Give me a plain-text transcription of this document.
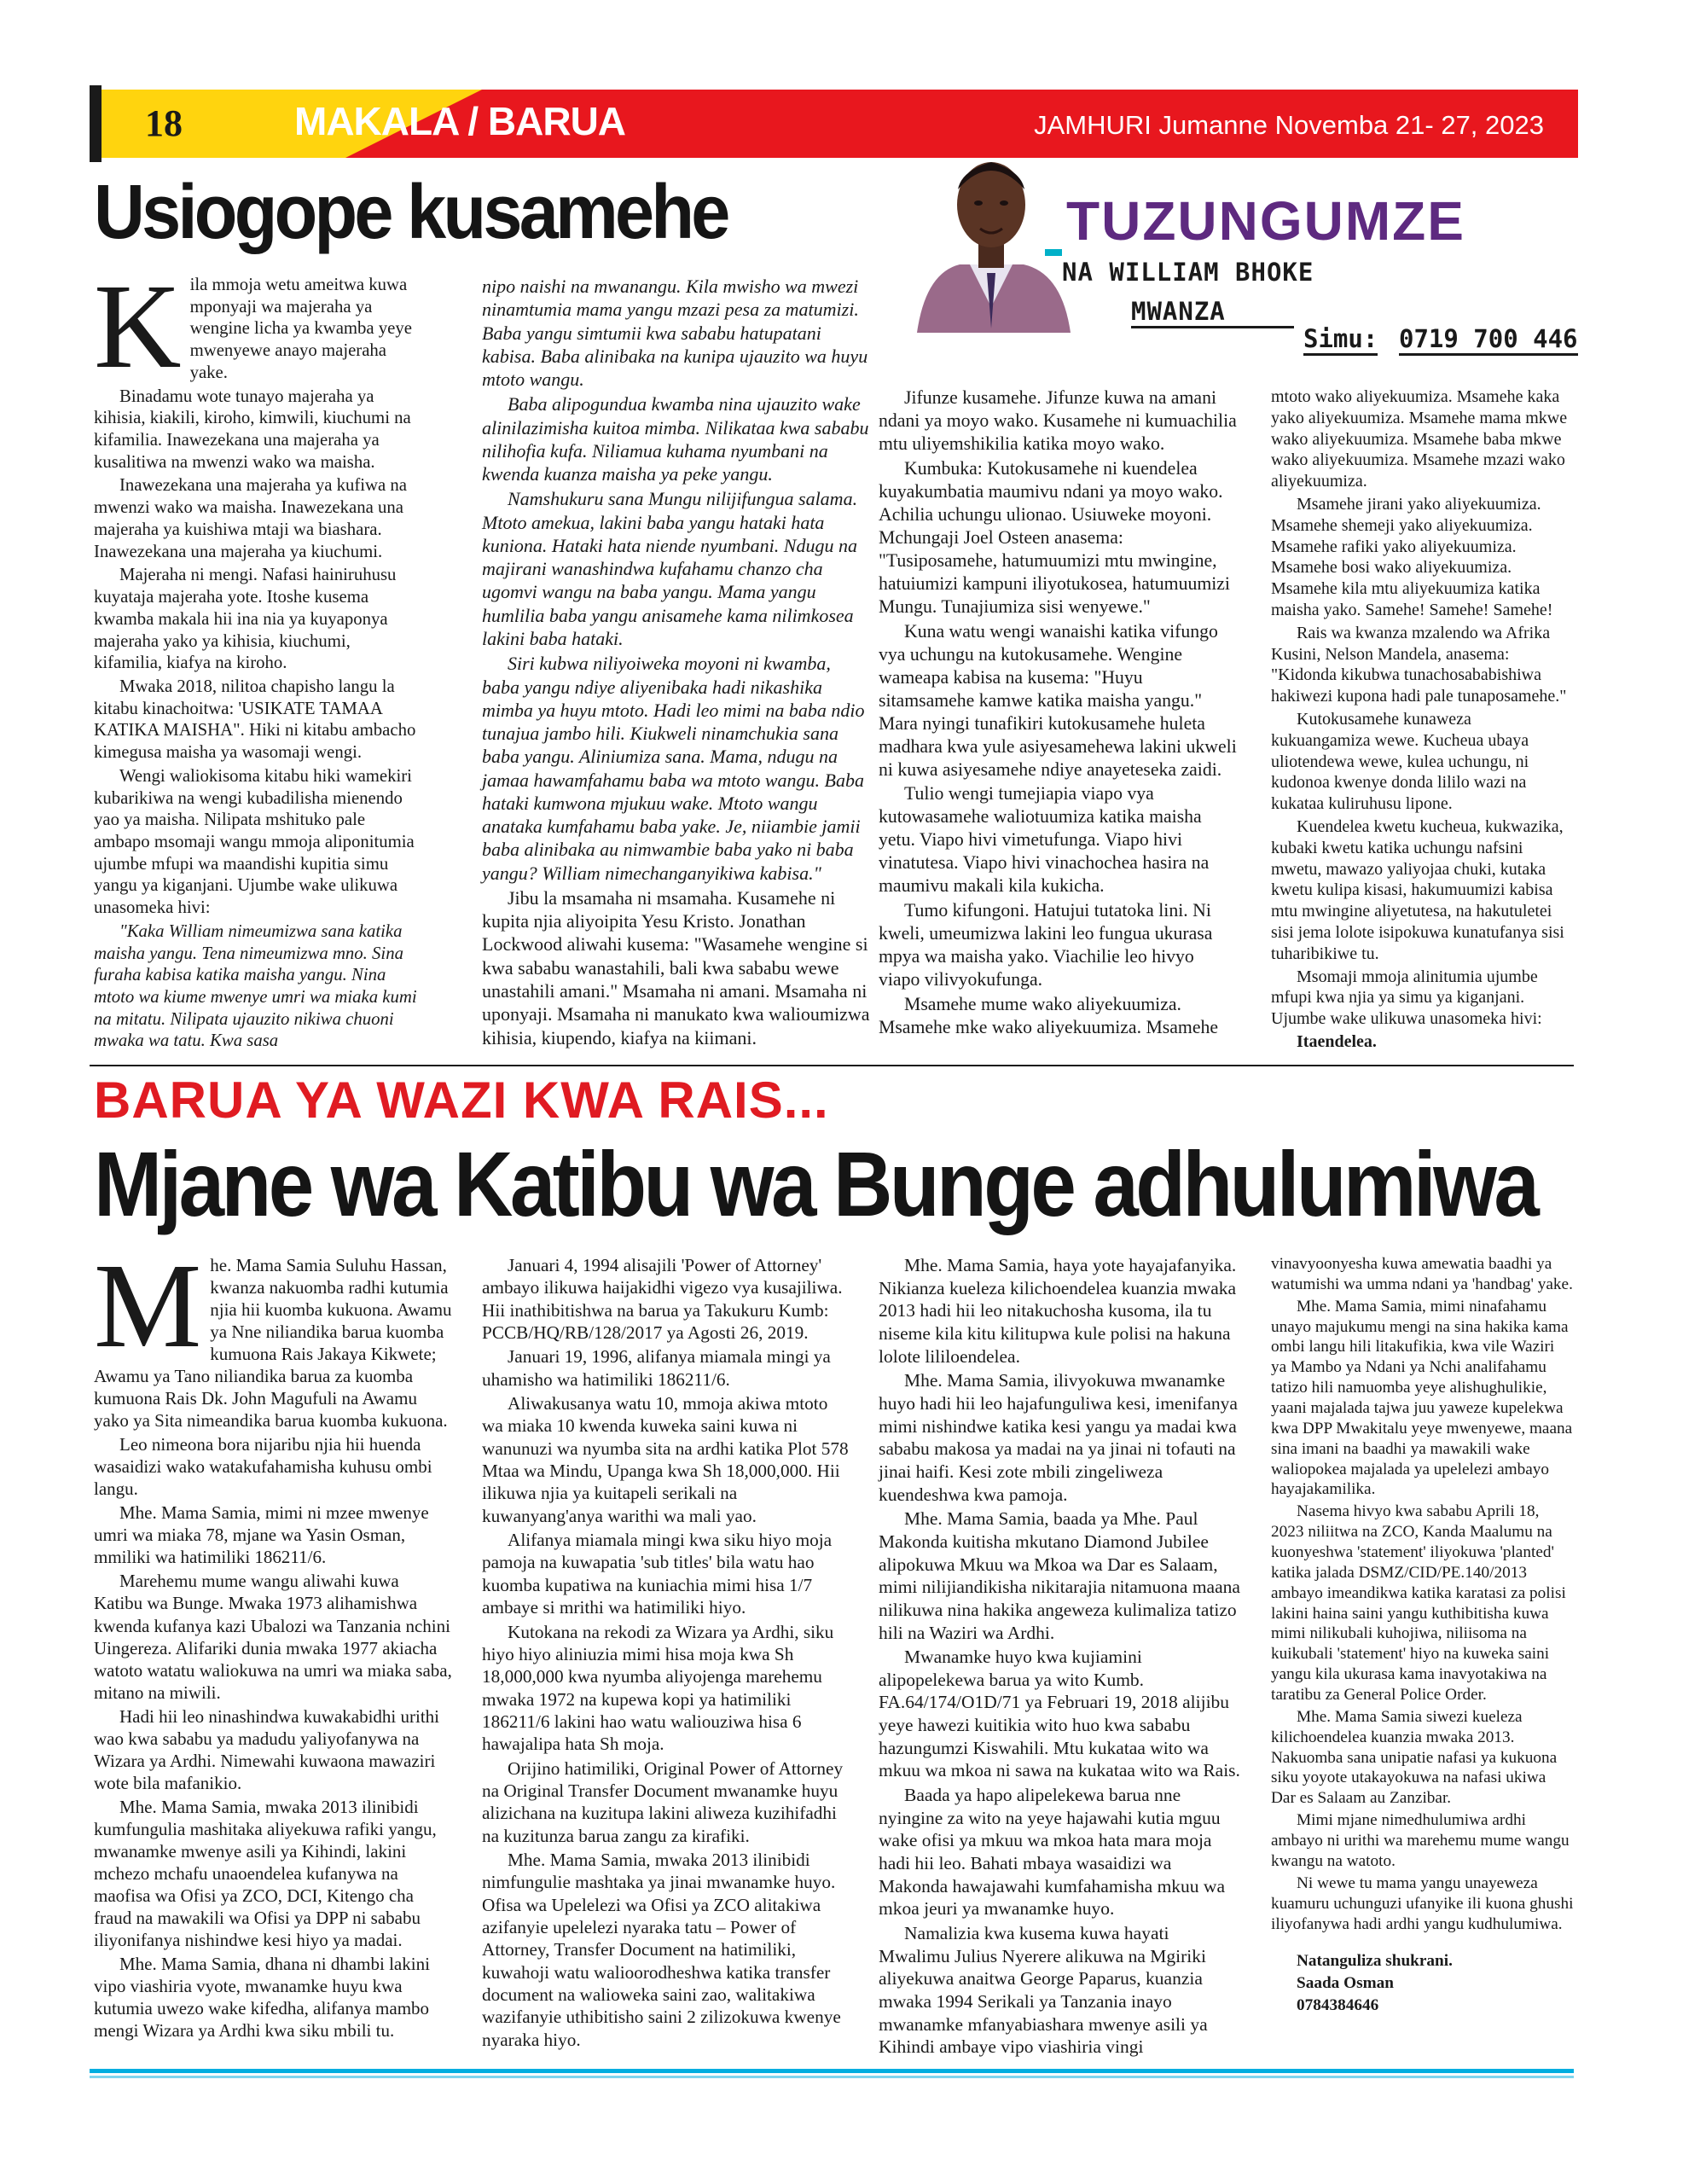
18	MAKALA / BARUA	JAMHURI Jumanne Novemba 21- 27, 2023
Usiogope kusamehe	TUZUNGUMZE
NA WILLIAM BHOKE
MWANZA
Simu: 0719 700 446
K ila mmoja wetu ameitwa kuwa mponyaji wa majeraha ya wengine licha ya kwamba yeye mwenyewe anayo majeraha yake.

Binadamu wote tunayo majeraha ya kihisia, kiakili, kiroho, kimwili, kiuchumi na kifamilia. Inawezekana una majeraha ya kusalitiwa na mwenzi wako wa maisha.

Inawezekana una majeraha ya kufiwa na mwenzi wako wa maisha. Inawezekana una majeraha ya kuishiwa mtaji wa biashara. Inawezekana una majeraha ya kiuchumi.

Majeraha ni mengi. Nafasi hainiruhusu kuyataja majeraha yote. Itoshe kusema kwamba makala hii ina nia ya kuyaponya majeraha yako ya kihisia, kiuchumi, kifamilia, kiafya na kiroho.

Mwaka 2018, nilitoa chapisho langu la kitabu kinachoitwa: 'USIKATE TAMAA KATIKA MAISHA". Hiki ni kitabu ambacho kimegusa maisha ya wasomaji wengi.

Wengi waliokisoma kitabu hiki wamekiri kubarikiwa na wengi kubadilisha mienendo yao ya maisha. Nilipata mshituko pale ambapo msomaji wangu mmoja aliponitumia ujumbe mfupi wa maandishi kupitia simu yangu ya kiganjani. Ujumbe wake ulikuwa unasomeka hivi:

"Kaka William nimeumizwa sana katika maisha yangu. Tena nimeumizwa mno. Sina furaha kabisa katika maisha yangu. Nina mtoto wa kiume mwenye umri wa miaka kumi na mitatu. Nilipata ujauzito nikiwa chuoni mwaka wa tatu. Kwa sasa

nipo naishi na mwanangu. Kila mwisho wa mwezi ninamtumia mama yangu mzazi pesa za matumizi. Baba yangu simtumii kwa sababu hatupatani kabisa. Baba alinibaka na kunipa ujauzito wa huyu mtoto wangu.

Baba alipogundua kwamba nina ujauzito wake alinilazimisha kuitoa mimba. Nilikataa kwa sababu nilihofia kufa. Niliamua kuhama nyumbani na kwenda kuanza maisha ya peke yangu.

Namshukuru sana Mungu nilijifungua salama. Mtoto amekua, lakini baba yangu hataki hata kuniona. Hataki hata niende nyumbani. Ndugu na majirani wanashindwa kufahamu chanzo cha ugomvi wangu na baba yangu. Mama yangu humlilia baba yangu anisamehe kama nilimkosea lakini baba hataki.

Siri kubwa niliyoiweka moyoni ni kwamba, baba yangu ndiye aliyenibaka hadi nikashika mimba ya huyu mtoto. Hadi leo mimi na baba ndio tunajua jambo hili. Kiukweli ninamchukia sana baba yangu. Aliniumiza sana. Mama, ndugu na jamaa hawamfahamu baba wa mtoto wangu. Baba hataki kumwona mjukuu wake. Mtoto wangu anataka kumfahamu baba yake. Je, niiambie jamii baba alinibaka au nimwambie baba yako ni baba yangu? William nimechanganyikiwa kabisa."

Jibu la msamaha ni msamaha. Kusamehe ni kupita njia aliyoipita Yesu Kristo. Jonathan Lockwood aliwahi kusema: "Wasamehe wengine si kwa sababu wanastahili, bali kwa sababu wewe unastahili amani." Msamaha ni amani. Msamaha ni uponyaji. Msamaha ni manukato kwa walioumizwa kihisia, kiupendo, kiafya na kiimani.

Jifunze kusamehe. Jifunze kuwa na amani ndani ya moyo wako. Kusamehe ni kumuachilia mtu uliyemshikilia katika moyo wako.

Kumbuka: Kutokusamehe ni kuendelea kuyakumbatia maumivu ndani ya moyo wako. Achilia uchungu ulionao. Usiuweke moyoni. Mchungaji Joel Osteen anasema: "Tusiposamehe, hatumuumizi mtu mwingine, hatuiumizi kampuni iliyotukosea, hatumuumizi Mungu. Tunajiumiza sisi wenyewe."

Kuna watu wengi wanaishi katika vifungo vya uchungu na kutokusamehe. Wengine wameapa kabisa na kusema: "Huyu sitamsamehe kamwe katika maisha yangu." Mara nyingi tunafikiri kutokusamehe huleta madhara kwa yule asiyesamehewa lakini ukweli ni kuwa asiyesamehe ndiye anayeteseka zaidi.

Tulio wengi tumejiapia viapo vya kutowasamehe waliotuumiza katika maisha yetu. Viapo hivi vimetufunga. Viapo hivi vinatutesa. Viapo hivi vinachochea hasira na maumivu makali kila kukicha.

Tumo kifungoni. Hatujui tutatoka lini. Ni kweli, umeumizwa lakini leo fungua ukurasa mpya wa maisha yako. Viachilie leo hivyo viapo vilivyokufunga.

Msamehe mume wako aliyekuumiza. Msamehe mke wako aliyekuumiza. Msamehe

mtoto wako aliyekuumiza. Msamehe kaka yako aliyekuumiza. Msamehe mama mkwe wako aliyekuumiza. Msamehe baba mkwe wako aliyekuumiza. Msamehe mzazi wako aliyekuumiza.

Msamehe jirani yako aliyekuumiza. Msamehe shemeji yako aliyekuumiza. Msamehe rafiki yako aliyekuumiza. Msamehe bosi wako aliyekuumiza. Msamehe kila mtu aliyekuumiza katika maisha yako. Samehe! Samehe! Samehe!

Rais wa kwanza mzalendo wa Afrika Kusini, Nelson Mandela, anasema: "Kidonda kikubwa tunachosababishiwa hakiwezi kupona hadi pale tunaposamehe."

Kutokusamehe kunaweza kukuangamiza wewe. Kucheua ubaya uliotendewa wewe, kulea uchungu, ni kudonoa kwenye donda lililo wazi na kukataa kuliruhusu lipone.

Kuendelea kwetu kucheua, kukwazika, kubaki kwetu katika uchungu nafsini mwetu, mawazo yaliyojaa chuki, kutaka kwetu kulipa kisasi, hakumuumizi kabisa mtu mwingine aliyetutesa, na hakutuletei sisi jema lolote isipokuwa kunatufanya sisi tuharibikiwe tu.

Msomaji mmoja alinitumia ujumbe mfupi kwa njia ya simu ya kiganjani. Ujumbe wake ulikuwa unasomeka hivi:

Itaendelea.

BARUA YA WAZI KWA RAIS...
Mjane wa Katibu wa Bunge adhulumiwa
M he. Mama Samia Suluhu Hassan, kwanza nakuomba radhi kutumia njia hii kuomba kukuona. Awamu ya Nne niliandika barua kuomba kumuona Rais Jakaya Kikwete; Awamu ya Tano niliandika barua za kuomba kumuona Rais Dk. John Magufuli na Awamu yako ya Sita nimeandika barua kuomba kukuona.

Leo nimeona bora nijaribu njia hii huenda wasaidizi wako watakufahamisha kuhusu ombi langu.

Mhe. Mama Samia, mimi ni mzee mwenye umri wa miaka 78, mjane wa Yasin Osman, mmiliki wa hatimiliki 186211/6.

Marehemu mume wangu aliwahi kuwa Katibu wa Bunge. Mwaka 1973 alihamishwa kwenda kufanya kazi Ubalozi wa Tanzania nchini Uingereza. Alifariki dunia mwaka 1977 akiacha watoto watatu waliokuwa na umri wa miaka saba, mitano na miwili.

Hadi hii leo ninashindwa kuwakabidhi urithi wao kwa sababu ya madudu yaliyofanywa na Wizara ya Ardhi. Nimewahi kuwaona mawaziri wote bila mafanikio.

Mhe. Mama Samia, mwaka 2013 ilinibidi kumfungulia mashitaka aliyekuwa rafiki yangu, mwanamke mwenye asili ya Kihindi, lakini mchezo mchafu unaoendelea kufanywa na maofisa wa Ofisi ya ZCO, DCI, Kitengo cha fraud na mawakili wa Ofisi ya DPP ni sababu iliyonifanya nishindwe kesi hiyo ya madai.

Mhe. Mama Samia, dhana ni dhambi lakini vipo viashiria vyote, mwanamke huyu kwa kutumia uwezo wake kifedha, alifanya mambo mengi Wizara ya Ardhi kwa siku mbili tu.

Januari 4, 1994 alisajili 'Power of Attorney' ambayo ilikuwa haijakidhi vigezo vya kusajiliwa. Hii inathibitishwa na barua ya Takukuru Kumb: PCCB/HQ/RB/128/2017 ya Agosti 26, 2019.

Januari 19, 1996, alifanya miamala mingi ya uhamisho wa hatimiliki 186211/6.

Aliwakusanya watu 10, mmoja akiwa mtoto wa miaka 10 kwenda kuweka saini kuwa ni wanunuzi wa nyumba sita na ardhi katika Plot 578 Mtaa wa Mindu, Upanga kwa Sh 18,000,000. Hii ilikuwa njia ya kuitapeli serikali na kuwanyang'anya warithi wa mali yao.

Alifanya miamala mingi kwa siku hiyo moja pamoja na kuwapatia 'sub titles' bila watu hao kuomba kupatiwa na kuniachia mimi hisa 1/7 ambaye si mrithi wa hatimiliki hiyo.

Kutokana na rekodi za Wizara ya Ardhi, siku hiyo hiyo aliniuzia mimi hisa moja kwa Sh 18,000,000 kwa nyumba aliyojenga marehemu mwaka 1972 na kupewa kopi ya hatimiliki 186211/6 lakini hao watu waliouziwa hisa 6 hawajalipa hata Sh moja.

Orijino hatimiliki, Original Power of Attorney na Original Transfer Document mwanamke huyu alizichana na kuzitupa lakini aliweza kuzihifadhi na kuzitunza barua zangu za kirafiki.

Mhe. Mama Samia, mwaka 2013 ilinibidi nimfungulie mashtaka ya jinai mwanamke huyo. Ofisa wa Upelelezi wa Ofisi ya ZCO alitakiwa azifanyie upelelezi nyaraka tatu – Power of Attorney, Transfer Document na hatimiliki, kuwahoji watu walioorodheshwa katika transfer document na walioweka saini zao, walitakiwa wazifanyie uthibitisho saini 2 zilizokuwa kwenye nyaraka hiyo.

Mhe. Mama Samia, haya yote hayajafanyika. Nikianza kueleza kilichoendelea kuanzia mwaka 2013 hadi hii leo nitakuchosha kusoma, ila tu niseme kila kitu kilitupwa kule polisi na hakuna lolote lililoendelea.

Mhe. Mama Samia, ilivyokuwa mwanamke huyo hadi hii leo hajafunguliwa kesi, imenifanya mimi nishindwe katika kesi yangu ya madai kwa sababu makosa ya madai na ya jinai ni tofauti na jinai haifi. Kesi zote mbili zingeliweza kuendeshwa kwa pamoja.

Mhe. Mama Samia, baada ya Mhe. Paul Makonda kuitisha mkutano Diamond Jubilee alipokuwa Mkuu wa Mkoa wa Dar es Salaam, mimi nilijiandikisha nikitarajia nitamuona maana nilikuwa nina hakika angeweza kulimaliza tatizo hili na Waziri wa Ardhi.

Mwanamke huyo kwa kujiamini alipopelekewa barua ya wito Kumb. FA.64/174/O1D/71 ya Februari 19, 2018 alijibu yeye hawezi kuitikia wito huo kwa sababu hazungumzi Kiswahili. Mtu kukataa wito wa mkuu wa mkoa ni sawa na kukataa wito wa Rais.

Baada ya hapo alipelekewa barua nne nyingine za wito na yeye hajawahi kutia mguu wake ofisi ya mkuu wa mkoa hata mara moja hadi hii leo. Bahati mbaya wasaidizi wa Makonda hawajawahi kumfahamisha mkuu wa mkoa jeuri ya mwanamke huyo.

Namalizia kwa kusema kuwa hayati Mwalimu Julius Nyerere alikuwa na Mgiriki aliyekuwa anaitwa George Paparus, kuanzia mwaka 1994 Serikali ya Tanzania inayo mwanamke mfanyabiashara mwenye asili ya Kihindi ambaye vipo viashiria vingi

vinavyoonyesha kuwa amewatia baadhi ya watumishi wa umma ndani ya 'handbag' yake.

Mhe. Mama Samia, mimi ninafahamu unayo majukumu mengi na sina hakika kama ombi langu hili litakufikia, kwa vile Waziri ya Mambo ya Ndani ya Nchi analifahamu tatizo hili namuomba yeye alishughulikie, yaani majalada tajwa juu yaweze kupelekwa kwa DPP Mwakitalu yeye mwenyewe, maana sina imani na baadhi ya mawakili wake waliopokea majalada ya upelelezi ambayo hayajakamilika.

Nasema hivyo kwa sababu Aprili 18, 2023 niliitwa na ZCO, Kanda Maalumu na kuonyeshwa 'statement' iliyokuwa 'planted' katika jalada DSMZ/CID/PE.140/2013 ambayo imeandikwa katika karatasi za polisi lakini haina saini yangu kuthibitisha kuwa mimi nilikubali kuhojiwa, niliisoma na kuikubali 'statement' hiyo na kuweka saini yangu kila ukurasa kama inavyotakiwa na taratibu za General Police Order.

Mhe. Mama Samia siwezi kueleza kilichoendelea kuanzia mwaka 2013. Nakuomba sana unipatie nafasi ya kukuona siku yoyote utakayokuwa na nafasi ukiwa Dar es Salaam au Zanzibar.

Mimi mjane nimedhulumiwa ardhi ambayo ni urithi wa marehemu mume wangu kwangu na watoto.

Ni wewe tu mama yangu unayeweza kuamuru uchunguzi ufanyike ili kuona ghushi iliyofanywa hadi ardhi yangu kudhulumiwa.

Natanguliza shukrani.

Saada Osman

0784384646
